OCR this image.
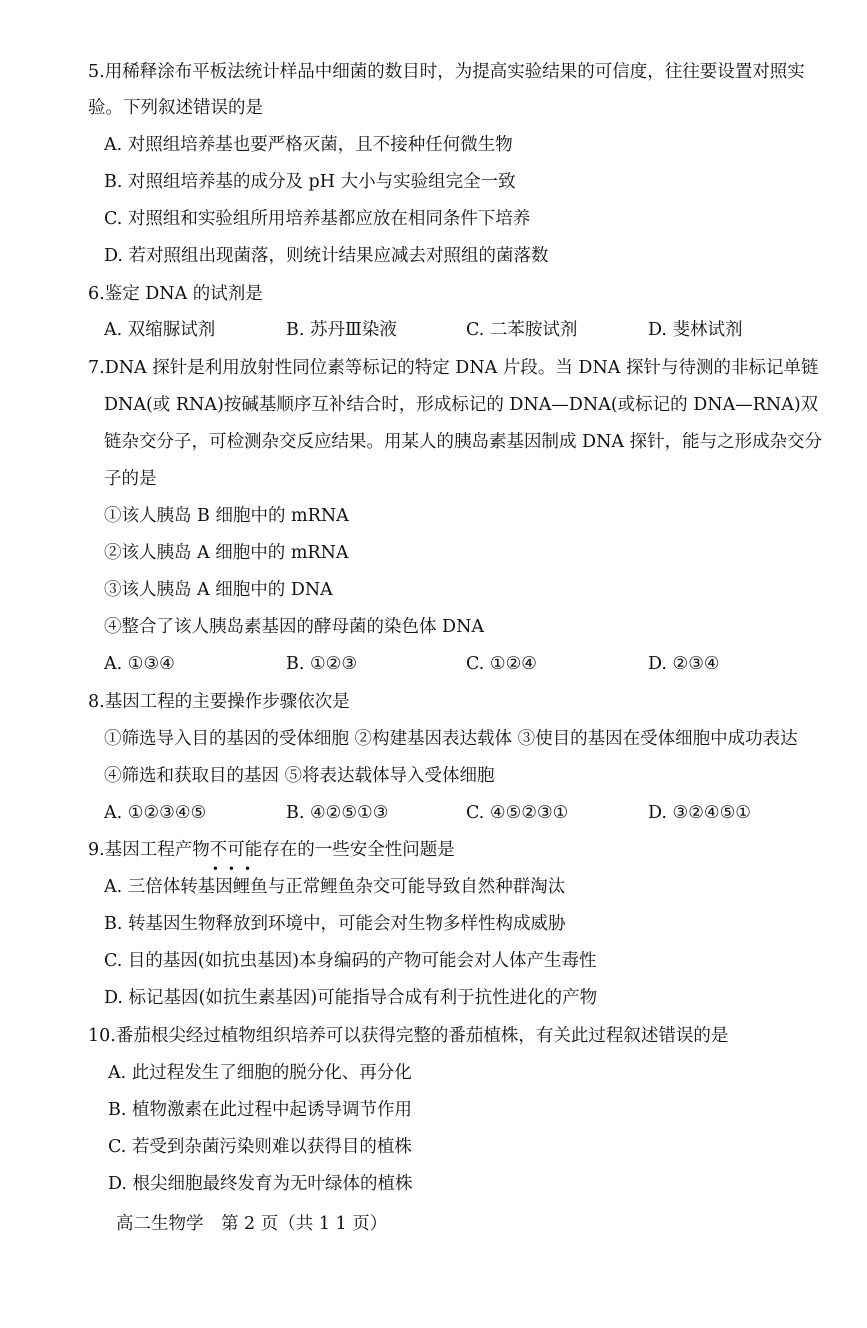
5.用稀释涂布平板法统计样品中细菌的数目时，为提高实验结果的可信度，往往要设置对照实
验。下列叙述错误的是
A. 对照组培养基也要严格灭菌，且不接种任何微生物
B. 对照组培养基的成分及 pH 大小与实验组完全一致
C. 对照组和实验组所用培养基都应放在相同条件下培养
D. 若对照组出现菌落，则统计结果应减去对照组的菌落数
6.鉴定 DNA 的试剂是
A. 双缩脲试剂	B. 苏丹Ⅲ染液	C. 二苯胺试剂	D. 斐林试剂
7.DNA 探针是利用放射性同位素等标记的特定 DNA 片段。当 DNA 探针与待测的非标记单链
DNA(或 RNA)按碱基顺序互补结合时，形成标记的 DNA—DNA(或标记的 DNA—RNA)双
链杂交分子，可检测杂交反应结果。用某人的胰岛素基因制成 DNA 探针，能与之形成杂交分
子的是
①该人胰岛 B 细胞中的 mRNA
②该人胰岛 A 细胞中的 mRNA
③该人胰岛 A 细胞中的 DNA
④整合了该人胰岛素基因的酵母菌的染色体 DNA
A. ①③④	B. ①②③	C. ①②④	D. ②③④
8.基因工程的主要操作步骤依次是
①筛选导入目的基因的受体细胞 ②构建基因表达载体 ③使目的基因在受体细胞中成功表达
④筛选和获取目的基因 ⑤将表达载体导入受体细胞
A. ①②③④⑤	B. ④②⑤①③	C. ④⑤②③①	D. ③②④⑤①
9.基因工程产物不可能
•••
存在的一些安全性问题是
A. 三倍体转基因鲤鱼与正常鲤鱼杂交可能导致自然种群淘汰
B. 转基因生物释放到环境中，可能会对生物多样性构成威胁
C. 目的基因(如抗虫基因)本身编码的产物可能会对人体产生毒性
D. 标记基因(如抗生素基因)可能指导合成有利于抗性进化的产物
10.番茄根尖经过植物组织培养可以获得完整的番茄植株，有关此过程叙述错误的是
A. 此过程发生了细胞的脱分化、再分化
B. 植物激素在此过程中起诱导调节作用
C. 若受到杂菌污染则难以获得目的植株
D. 根尖细胞最终发育为无叶绿体的植株
高二生物学　第 2 页（共 1 1 页）
